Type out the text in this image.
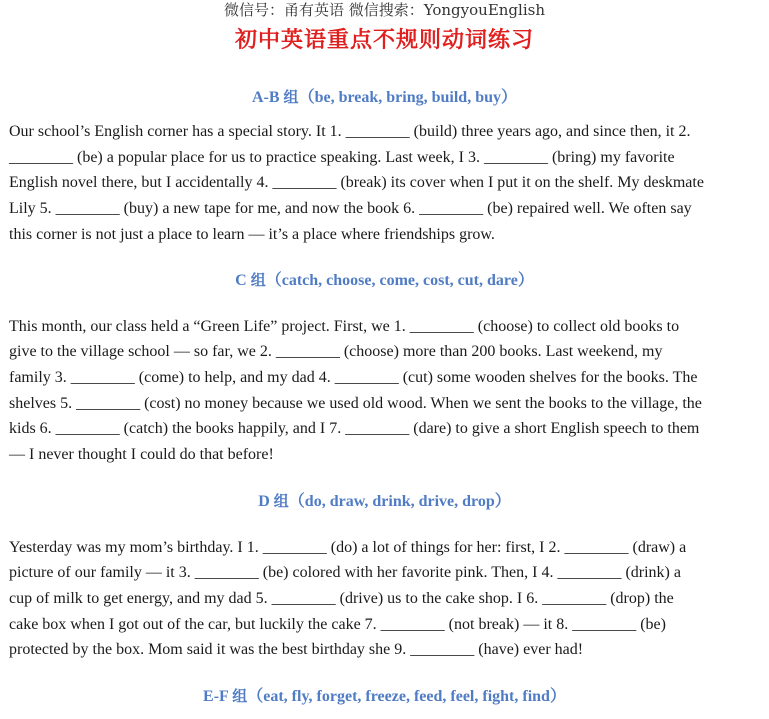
微信号：甬有英语 微信搜索：YongyouEnglish
初中英语重点不规则动词练习
A-B 组（be, break, bring, build, buy）
Our school’s English corner has a special story. It 1. ________ (build) three years ago, and since then, it 2.
________ (be) a popular place for us to practice speaking. Last week, I 3. ________ (bring) my favorite
English novel there, but I accidentally 4. ________ (break) its cover when I put it on the shelf. My deskmate
Lily 5. ________ (buy) a new tape for me, and now the book 6. ________ (be) repaired well. We often say
this corner is not just a place to learn — it’s a place where friendships grow.
C 组（catch, choose, come, cost, cut, dare）
This month, our class held a “Green Life” project. First, we 1. ________ (choose) to collect old books to
give to the village school — so far, we 2. ________ (choose) more than 200 books. Last weekend, my
family 3. ________ (come) to help, and my dad 4. ________ (cut) some wooden shelves for the books. The
shelves 5. ________ (cost) no money because we used old wood. When we sent the books to the village, the
kids 6. ________ (catch) the books happily, and I 7. ________ (dare) to give a short English speech to them
— I never thought I could do that before!
D 组（do, draw, drink, drive, drop）
Yesterday was my mom’s birthday. I 1. ________ (do) a lot of things for her: first, I 2. ________ (draw) a
picture of our family — it 3. ________ (be) colored with her favorite pink. Then, I 4. ________ (drink) a
cup of milk to get energy, and my dad 5. ________ (drive) us to the cake shop. I 6. ________ (drop) the
cake box when I got out of the car, but luckily the cake 7. ________ (not break) — it 8. ________ (be)
protected by the box. Mom said it was the best birthday she 9. ________ (have) ever had!
E-F 组（eat, fly, forget, freeze, feed, feel, fight, find）
